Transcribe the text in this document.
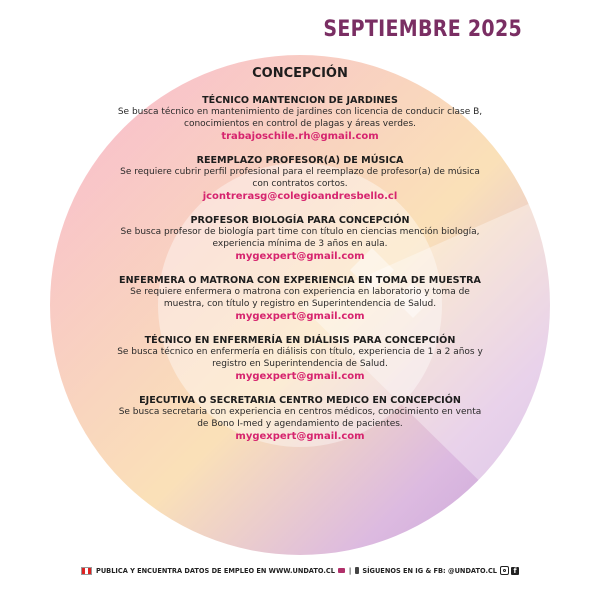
SEPTIEMBRE 2025
CONCEPCIÓN
TÉCNICO MANTENCION DE JARDINES
Se busca técnico en mantenimiento de jardines con licencia de conducir clase B,
conocimientos en control de plagas y áreas verdes.
trabajoschile.rh@gmail.com
REEMPLAZO PROFESOR(A) DE MÚSICA
Se requiere cubrir perfil profesional para el reemplazo de profesor(a) de música
con contratos cortos.
jcontrerasg@colegioandresbello.cl
PROFESOR BIOLOGÍA PARA CONCEPCIÓN
Se busca profesor de biología part time con título en ciencias mención biología,
experiencia mínima de 3 años en aula.
mygexpert@gmail.com
ENFERMERA O MATRONA CON EXPERIENCIA EN TOMA DE MUESTRA
Se requiere enfermera o matrona con experiencia en laboratorio y toma de
muestra, con título y registro en Superintendencia de Salud.
mygexpert@gmail.com
TÉCNICO EN ENFERMERÍA EN DIÁLISIS PARA CONCEPCIÓN
Se busca técnico en enfermería en diálisis con título, experiencia de 1 a 2 años y
registro en Superintendencia de Salud.
mygexpert@gmail.com
EJECUTIVA O SECRETARIA CENTRO MEDICO EN CONCEPCIÓN
Se busca secretaria con experiencia en centros médicos, conocimiento en venta
de Bono I-med y agendamiento de pacientes.
mygexpert@gmail.com
PUBLICA Y ENCUENTRA DATOS DE EMPLEO EN WWW.UNDATO.CL | SÍGUENOS EN IG & FB: @UNDATO.CL	f
